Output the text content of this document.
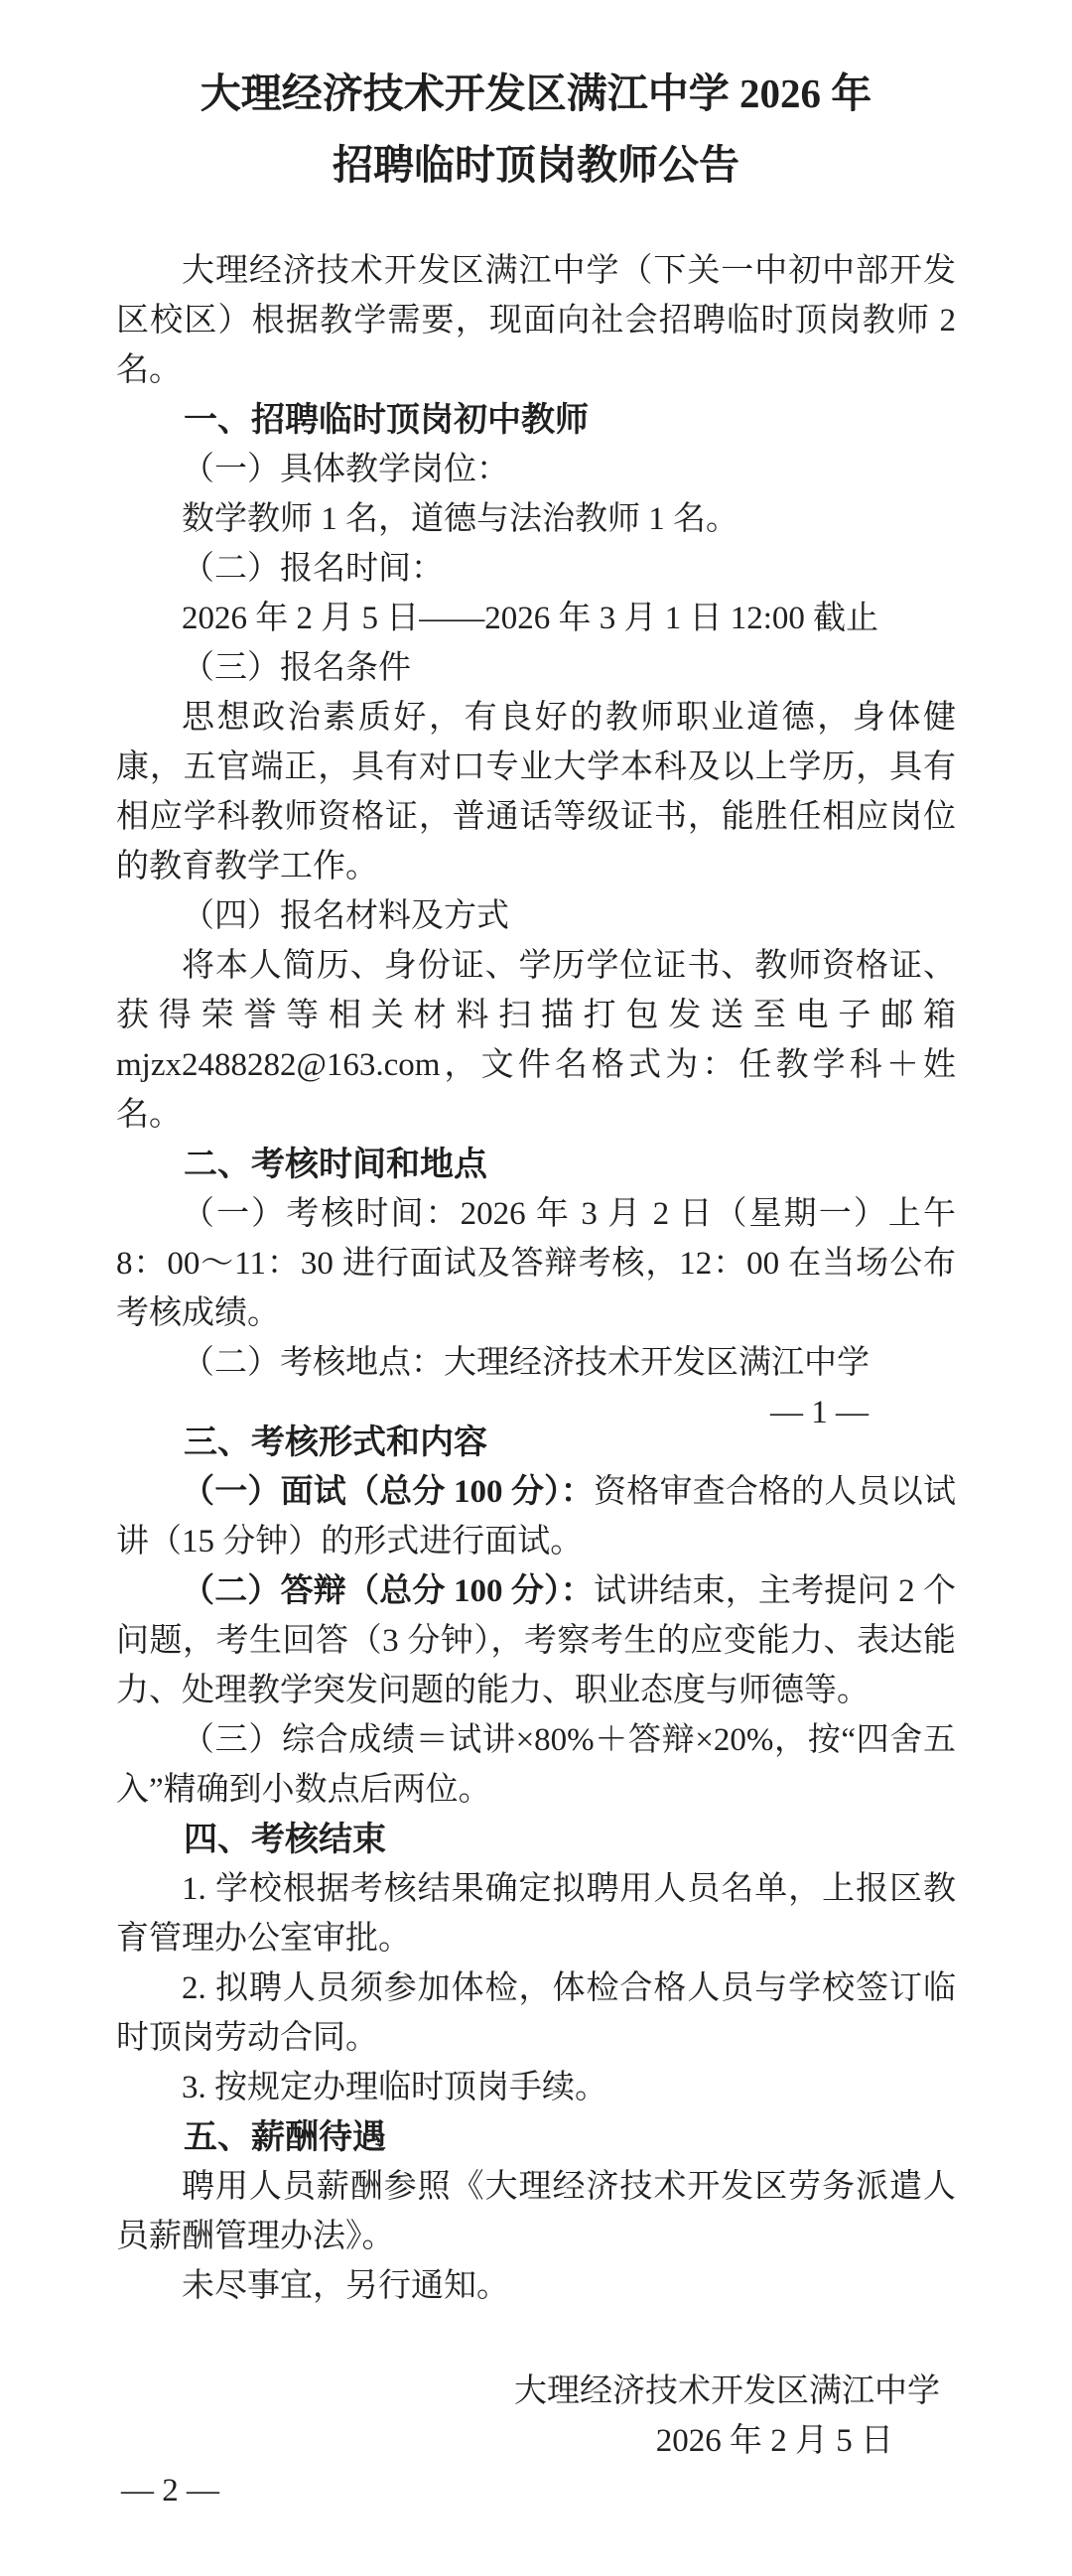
大理经济技术开发区满江中学 2026 年
招聘临时顶岗教师公告

大理经济技术开发区满江中学（下关一中初中部开发区校区）根据教学需要，现面向社会招聘临时顶岗教师 2 名。

一、招聘临时顶岗初中教师

（一）具体教学岗位：

数学教师 1 名，道德与法治教师 1 名。

（二）报名时间：

2026 年 2 月 5 日——2026 年 3 月 1 日 12:00 截止

（三）报名条件

思想政治素质好，有良好的教师职业道德，身体健康，五官端正，具有对口专业大学本科及以上学历，具有相应学科教师资格证，普通话等级证书，能胜任相应岗位的教育教学工作。

（四）报名材料及方式

将本人简历、身份证、学历学位证书、教师资格证、获得荣誉等相关材料扫描打包发送至电子邮箱 mjzx2488282@163.com，文件名格式为：任教学科＋姓名。

二、考核时间和地点

（一）考核时间：2026 年 3 月 2 日（星期一）上午 8：00～11：30 进行面试及答辩考核，12：00 在当场公布考核成绩。

（二）考核地点：大理经济技术开发区满江中学

— 1 —

三、考核形式和内容

（一）面试（总分 100 分）：资格审查合格的人员以试讲（15 分钟）的形式进行面试。

（二）答辩（总分 100 分）：试讲结束，主考提问 2 个问题，考生回答（3 分钟），考察考生的应变能力、表达能力、处理教学突发问题的能力、职业态度与师德等。

（三）综合成绩＝试讲×80%＋答辩×20%，按“四舍五入”精确到小数点后两位。

四、考核结束

1. 学校根据考核结果确定拟聘用人员名单，上报区教育管理办公室审批。

2. 拟聘人员须参加体检，体检合格人员与学校签订临时顶岗劳动合同。

3. 按规定办理临时顶岗手续。

五、薪酬待遇

聘用人员薪酬参照《大理经济技术开发区劳务派遣人员薪酬管理办法》。

未尽事宜，另行通知。

大理经济技术开发区满江中学

2026 年 2 月 5 日

— 2 —
